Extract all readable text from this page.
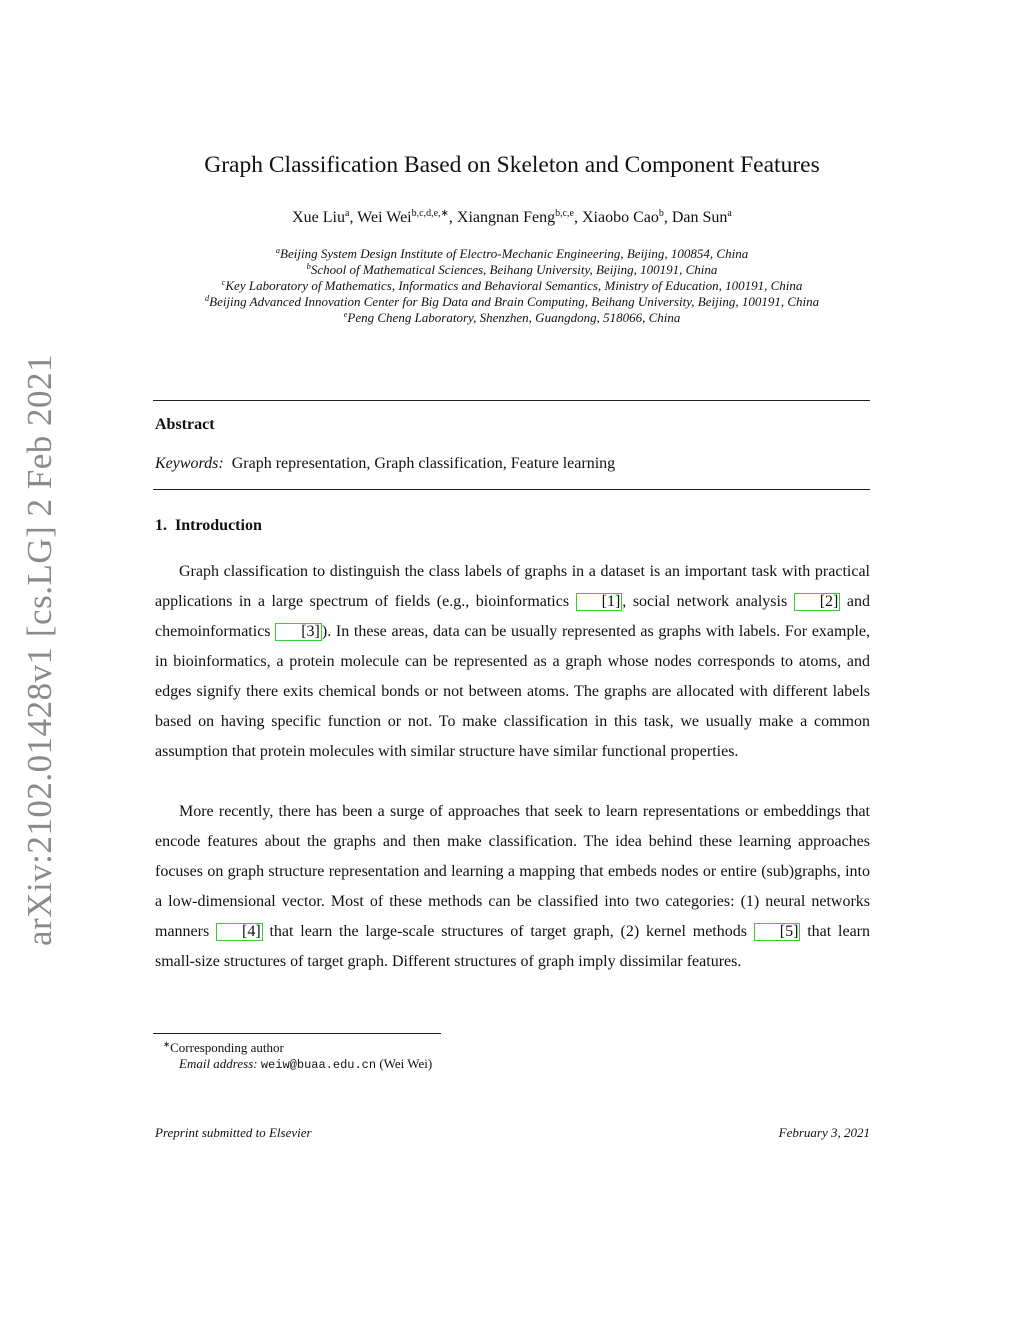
arXiv:2102.01428v1 [cs.LG] 2 Feb 2021
Graph Classification Based on Skeleton and Component Features
Xue Liu$^a$, Wei Wei$^{b,c,d,e,∗}$, Xiangnan Feng$^{b,c,e}$, Xiaobo Cao$^b$, Dan Sun$^a$
$^a$Beijing System Design Institute of Electro-Mechanic Engineering, Beijing, 100854, China
$^b$School of Mathematical Sciences, Beihang University, Beijing, 100191, China
$^c$Key Laboratory of Mathematics, Informatics and Behavioral Semantics, Ministry of Education, 100191, China
$^d$Beijing Advanced Innovation Center for Big Data and Brain Computing, Beihang University, Beijing, 100191, China
$^e$Peng Cheng Laboratory, Shenzhen, Guangdong, 518066, China
Abstract
Keywords: Graph representation, Graph classification, Feature learning
1. Introduction

Graph classification to distinguish the class labels of graphs in a dataset is an important task with practical applications in a large spectrum of fields (e.g., bioinformatics [1] , social network analysis [2] and chemoinformatics [3] ). In these areas, data can be usually represented as graphs with labels. For example, in bioinformatics, a protein molecule can be represented as a graph whose nodes corresponds to atoms, and edges signify there exits chemical bonds or not between atoms. The graphs are allocated with different labels based on having specific function or not. To make classification in this task, we usually make a common assumption that protein molecules with similar structure have similar functional properties.

More recently, there has been a surge of approaches that seek to learn representations or embeddings that encode features about the graphs and then make classification. The idea behind these learning approaches focuses on graph structure representation and learning a mapping that embeds nodes or entire (sub)graphs, into a low-dimensional vector. Most of these methods can be classified into two categories: (1) neural networks manners [4] that learn the large-scale structures of target graph, (2) kernel methods [5] that learn small-size structures of target graph. Different structures of graph imply dissimilar features.

∗Corresponding author
Email address: weiw@buaa.edu.cn (Wei Wei)
Preprint submitted to Elsevier	February 3, 2021
